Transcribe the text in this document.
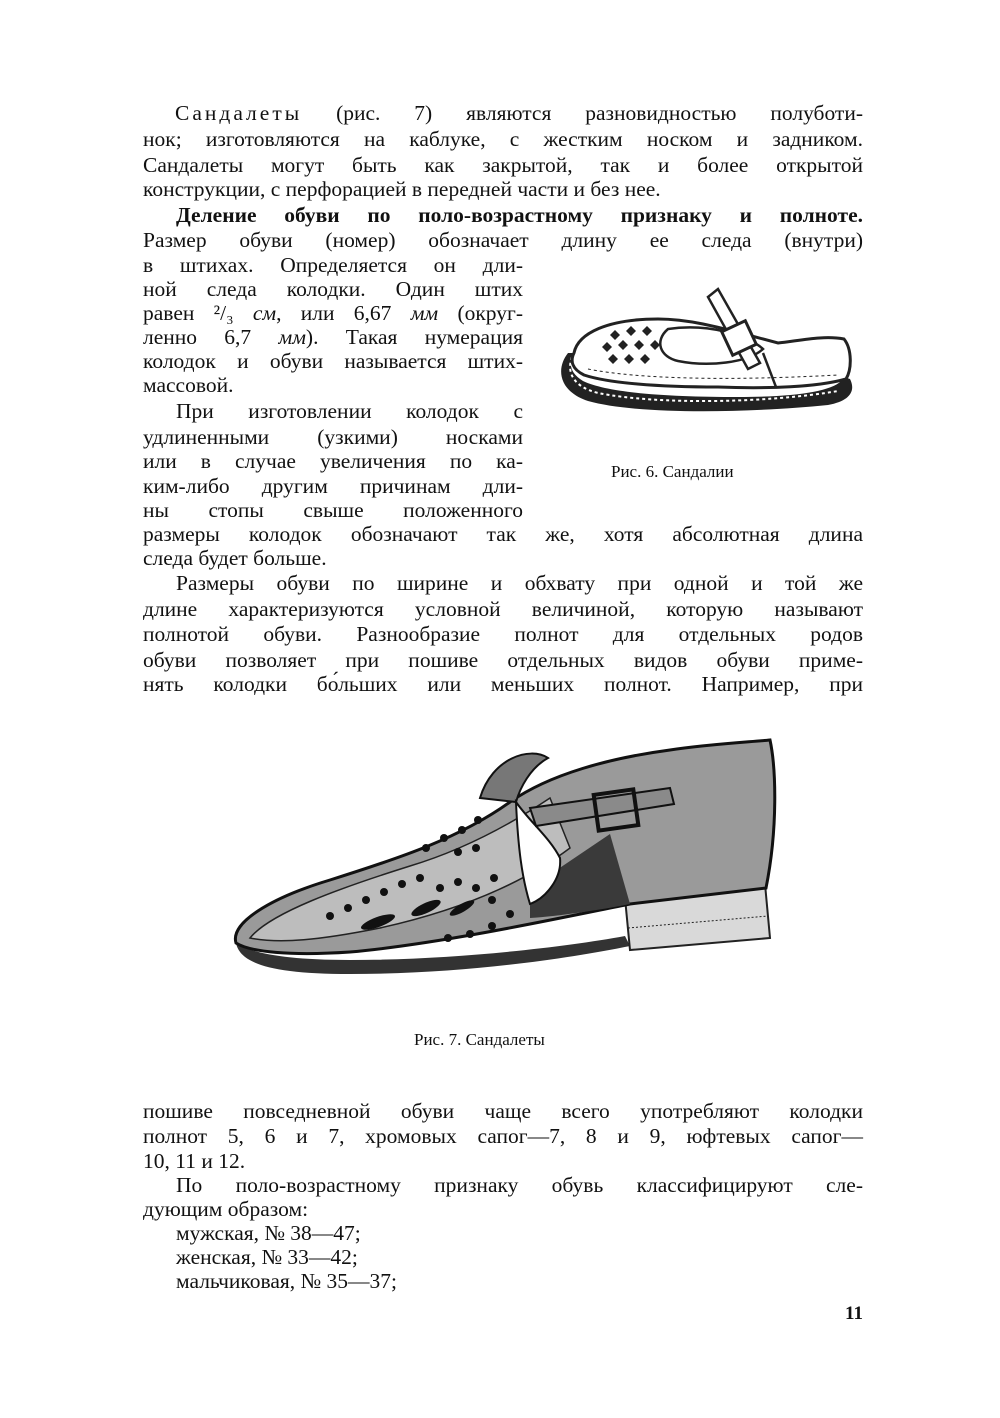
Сандалеты (рис. 7) являются разновидностью полуботи-
нок; изготовляются на каблуке, с жестким носком и задником.
Сандалеты могут быть как закрытой, так и более открытой
конструкции, с перфорацией в передней части и без нее.
Деление обуви по поло-возрастному признаку и полноте.
Размер обуви (номер) обозначает длину ее следа (внутри)
в штихах. Определяется он дли-
ной следа колодки. Один штих
равен ²/₃ см, или 6,67 мм (округ-
ленно 6,7 мм). Такая нумерация
колодок и обуви называется штих-
массовой.
При изготовлении колодок с
удлиненными (узкими) носками
или в случае увеличения по ка-
ким-либо другим причинам дли-
ны стопы свыше положенного
размеры колодок обозначают так же, хотя абсолютная длина
следа будет больше.
Размеры обуви по ширине и обхвату при одной и той же
длине характеризуются условной величиной, которую называют
полнотой обуви. Разнообразие полнот для отдельных родов
обуви позволяет при пошиве отдельных видов обуви приме-
нять колодки бо́льших или меньших полнот. Например, при
Рис. 6. Сандалии
Рис. 7. Сандалеты
пошиве повседневной обуви чаще всего употребляют колодки
полнот 5, 6 и 7, хромовых сапог—7, 8 и 9, юфтевых сапог—
10, 11 и 12.
По поло-возрастному признаку обувь классифицируют сле-
дующим образом:
мужская, № 38—47;
женская, № 33—42;
мальчиковая, № 35—37;
11
